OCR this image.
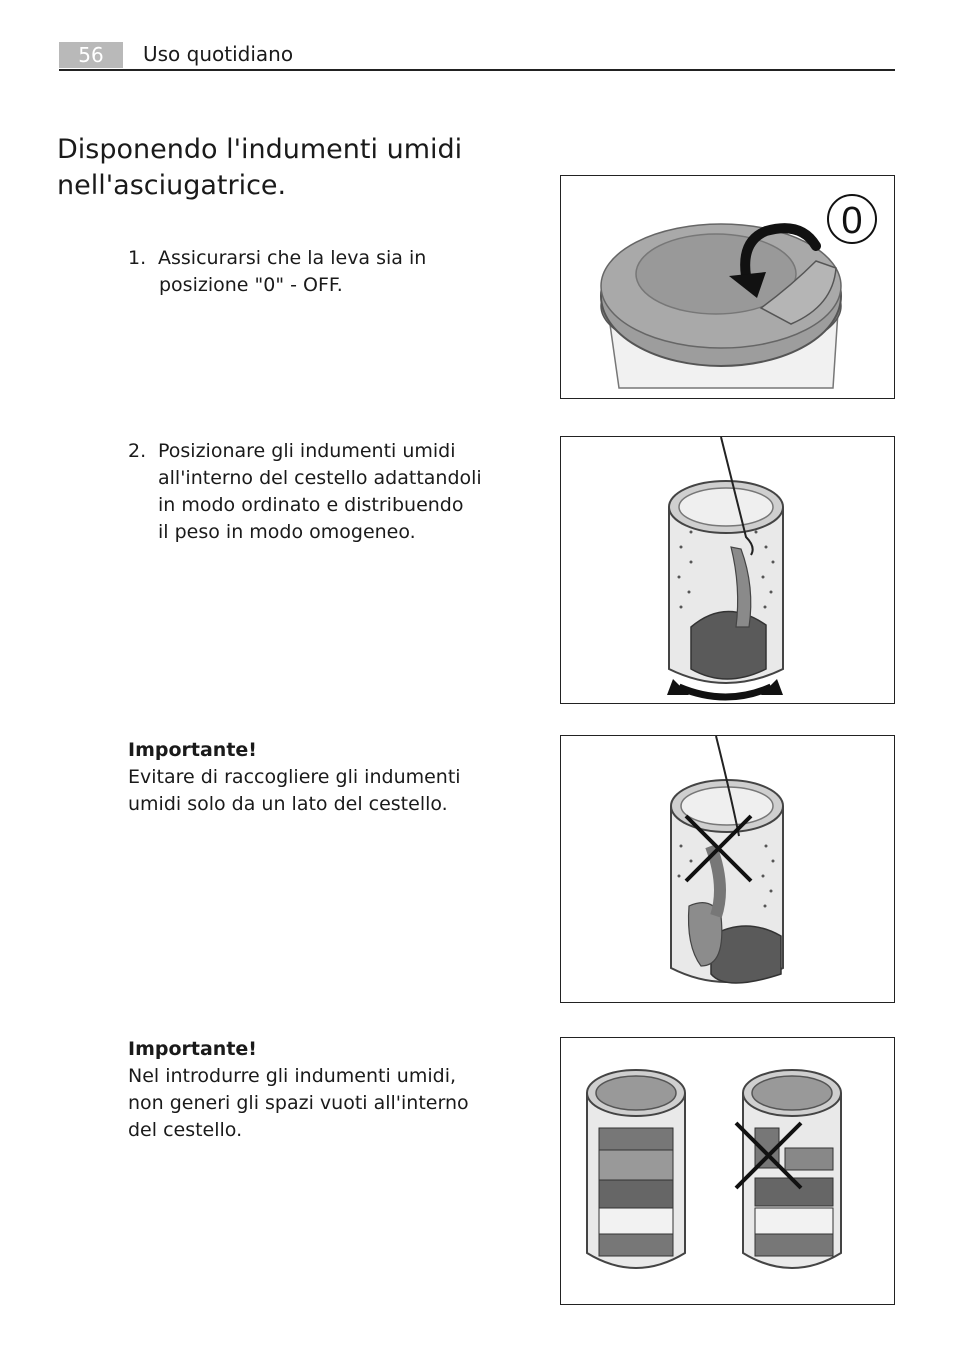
56	Uso quotidiano
Disponendo l'indumenti umidi
nell'asciugatrice.
1. Assicurarsi che la leva sia in
posizione "0" - OFF.
2. Posizionare gli indumenti umidi
all'interno del cestello adattandoli
in modo ordinato e distribuendo
il peso in modo omogeneo.
Importante!
Evitare di raccogliere gli indumenti
umidi solo da un lato del cestello.
Importante!
Nel introdurre gli indumenti umidi,
non generi gli spazi vuoti all'interno
del cestello.
0
